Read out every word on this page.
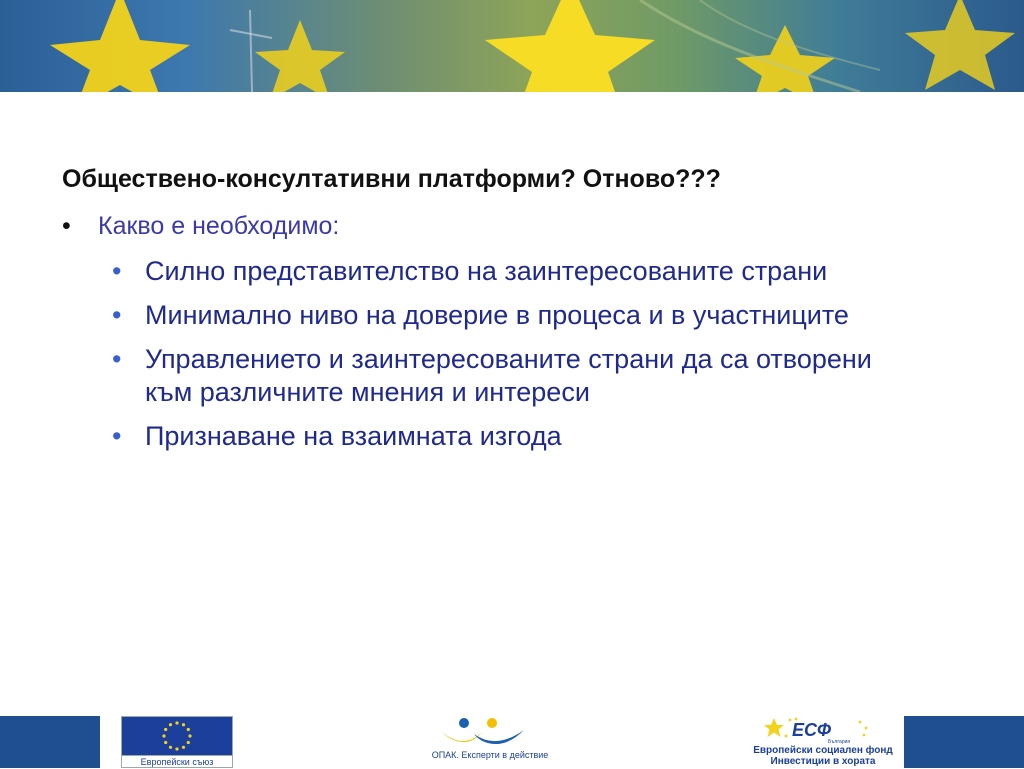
Обществено-консултативни платформи? Отново???
• Какво е необходимо:
• Силно представителство на заинтересованите страни
• Минимално ниво на доверие в процеса и в участниците
• Управлението и заинтересованите страни да са отворени към различните мнения и интереси
• Признаване на взаимната изгода
Европейски съюз
ОПАК. Експерти в действие
ЕСФ
България
Европейски социален фонд
Инвестиции в хората
